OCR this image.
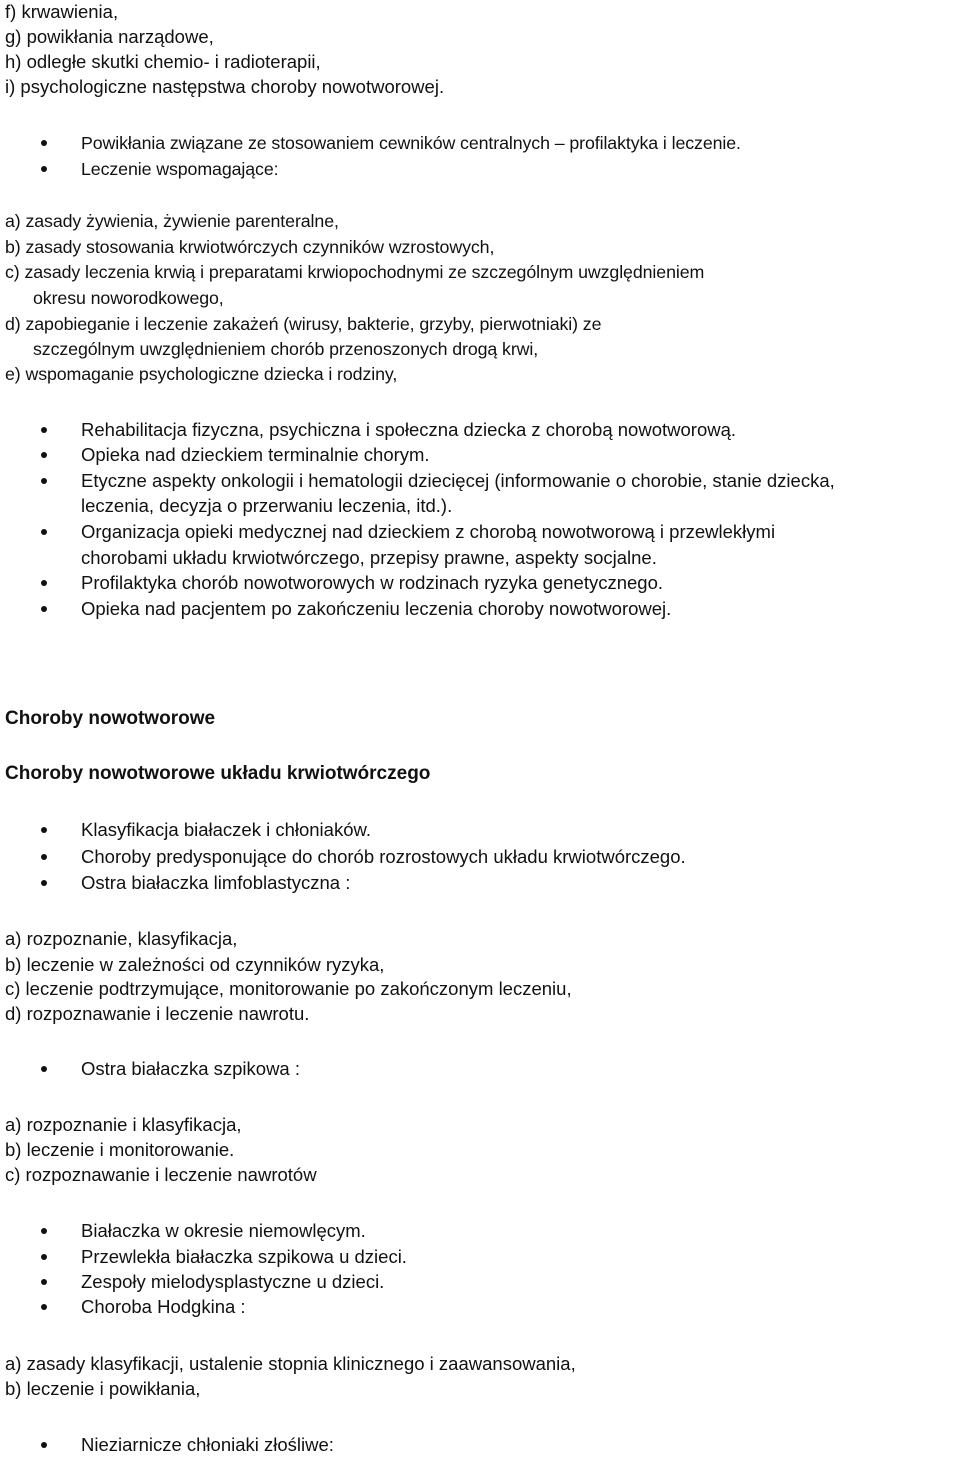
f) krwawienia,
g) powikłania narządowe,
h) odległe skutki chemio- i radioterapii,
i) psychologiczne następstwa choroby nowotworowej.
Powikłania związane ze stosowaniem cewników centralnych – profilaktyka i leczenie.
Leczenie wspomagające:
a) zasady żywienia, żywienie parenteralne,
b) zasady stosowania krwiotwórczych czynników wzrostowych,
c) zasady leczenia krwią i preparatami krwiopochodnymi ze szczególnym uwzględnieniem
okresu noworodkowego,
d) zapobieganie i leczenie zakażeń (wirusy, bakterie, grzyby, pierwotniaki) ze
szczególnym uwzględnieniem chorób przenoszonych drogą krwi,
e) wspomaganie psychologiczne dziecka i rodziny,
Rehabilitacja fizyczna, psychiczna i społeczna dziecka z chorobą nowotworową.
Opieka nad dzieckiem terminalnie chorym.
Etyczne aspekty onkologii i hematologii dziecięcej (informowanie o chorobie, stanie dziecka,
leczenia, decyzja o przerwaniu leczenia, itd.).
Organizacja opieki medycznej nad dzieckiem z chorobą nowotworową i przewlekłymi
chorobami układu krwiotwórczego, przepisy prawne, aspekty socjalne.
Profilaktyka chorób nowotworowych w rodzinach ryzyka genetycznego.
Opieka nad pacjentem po zakończeniu leczenia choroby nowotworowej.
Choroby nowotworowe
Choroby nowotworowe układu krwiotwórczego
Klasyfikacja białaczek i chłoniaków.
Choroby predysponujące do chorób rozrostowych układu krwiotwórczego.
Ostra białaczka limfoblastyczna :
a) rozpoznanie, klasyfikacja,
b) leczenie w zależności od czynników ryzyka,
c) leczenie podtrzymujące, monitorowanie po zakończonym leczeniu,
d) rozpoznawanie i leczenie nawrotu.
Ostra białaczka szpikowa :
a) rozpoznanie i klasyfikacja,
b) leczenie i monitorowanie.
c) rozpoznawanie i leczenie nawrotów
Białaczka w okresie niemowlęcym.
Przewlekła białaczka szpikowa u dzieci.
Zespoły mielodysplastyczne u dzieci.
Choroba Hodgkina :
a) zasady klasyfikacji, ustalenie stopnia klinicznego i zaawansowania,
b) leczenie i powikłania,
Nieziarnicze chłoniaki złośliwe:
